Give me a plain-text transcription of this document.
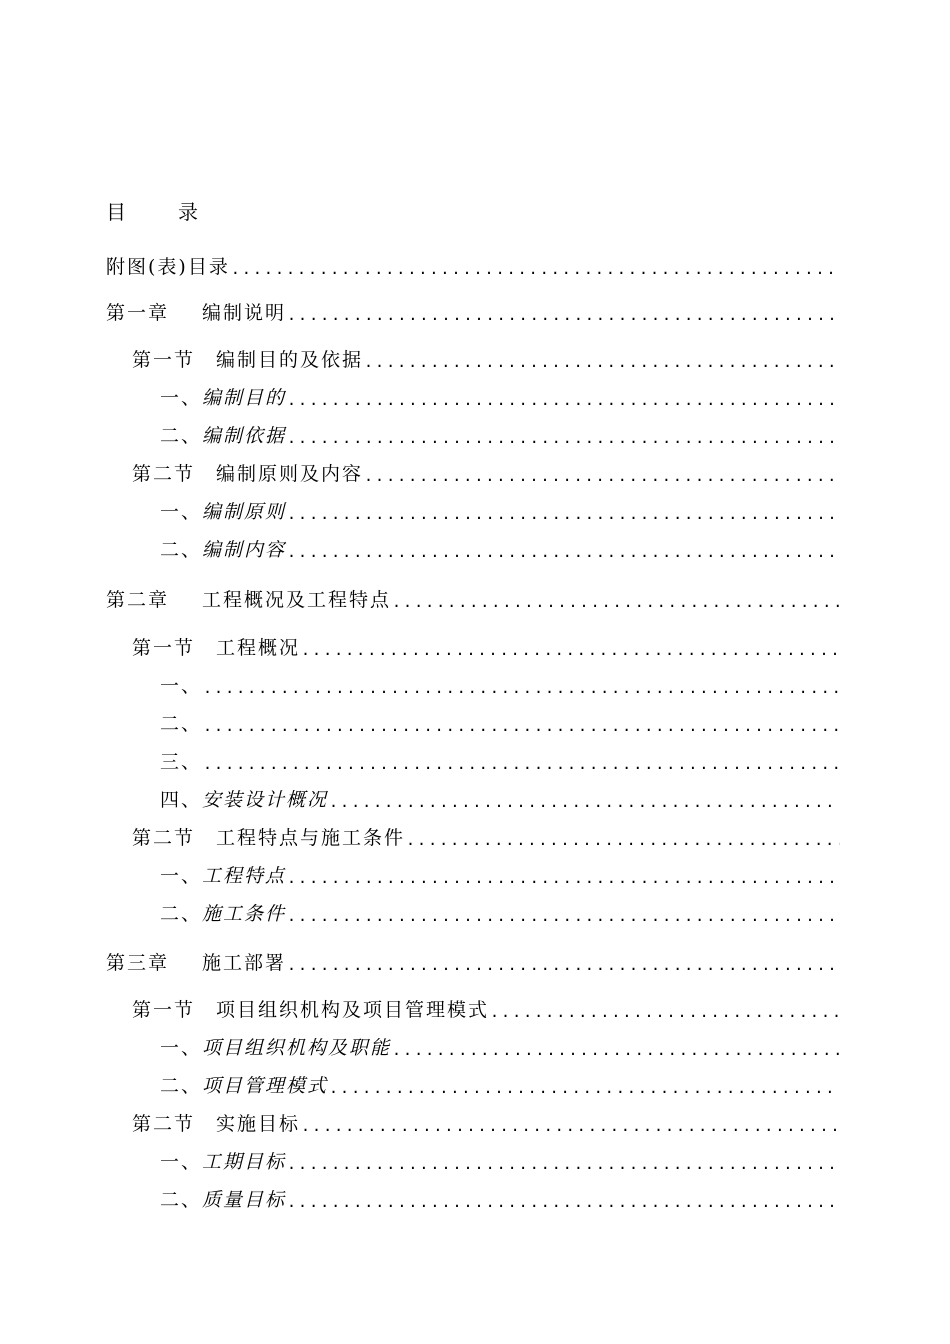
目	录
附图(表)目录
.....
第一章	编制说明
.....
第一节	编制目的及依据
.....
一、 编制目的
.....
二、 编制依据
.....
第二节	编制原则及内容
.....
一、 编制原则
.....
二、 编制内容
.....
第二章	工程概况及工程特点
.....
第一节	工程概况
.....
一、
.....
二、
.....
三、
.....
四、 安装设计概况
.....
第二节	工程特点与施工条件
.....
一、 工程特点
.....
二、 施工条件
.....
第三章	施工部署
.....
第一节	项目组织机构及项目管理模式
.....
一、 项目组织机构及职能
.....
二、 项目管理模式
.....
第二节	实施目标
.....
一、 工期目标
.....
二、 质量目标
.....
